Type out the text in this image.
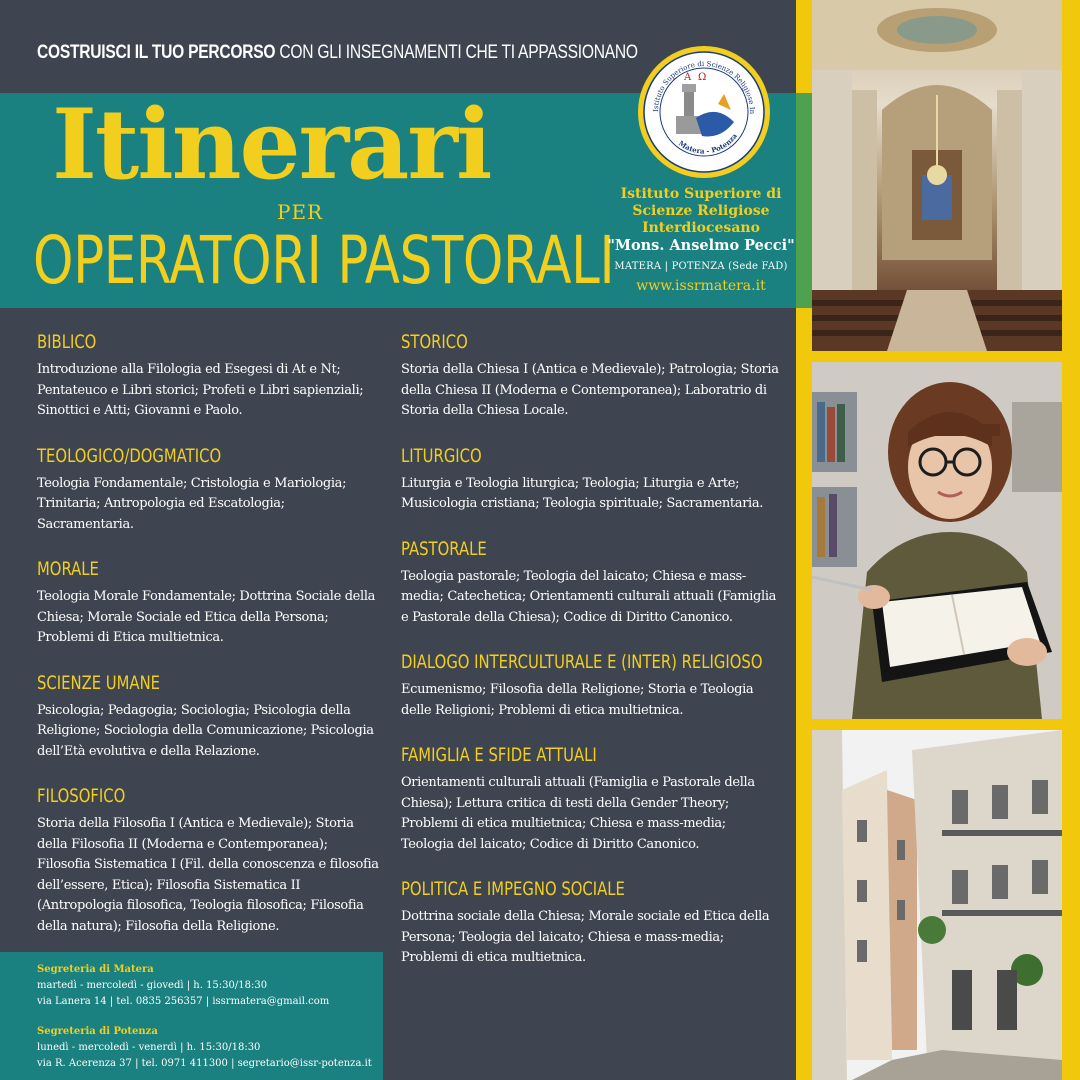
COSTRUISCI IL TUO PERCORSO CON GLI INSEGNAMENTI CHE TI APPASSIONANO
Itinerari
PER
OPERATORI PASTORALI
Istituto Superiore di Scienze Religiose In
Matera - Potenza
A Ω
Istituto Superiore di
Scienze Religiose
Interdiocesano
"Mons. Anselmo Pecci"
MATERA | POTENZA (Sede FAD)
www.issrmatera.it
BIBLICO
Introduzione alla Filologia ed Esegesi di At e Nt; Pentateuco e Libri storici; Profeti e Libri sapienziali; Sinottici e Atti; Giovanni e Paolo.
TEOLOGICO/DOGMATICO
Teologia Fondamentale; Cristologia e Mariologia; Trinitaria; Antropologia ed Escatologia; Sacramentaria.
MORALE
Teologia Morale Fondamentale; Dottrina Sociale della Chiesa; Morale Sociale ed Etica della Persona; Problemi di Etica multietnica.
SCIENZE UMANE
Psicologia; Pedagogia; Sociologia; Psicologia della Religione; Sociologia della Comunicazione; Psicologia dell’Età evolutiva e della Relazione.
FILOSOFICO
Storia della Filosofia I (Antica e Medievale); Storia della Filosofia II (Moderna e Contemporanea); Filosofia Sistematica I (Fil. della conoscenza e filosofia dell’essere, Etica); Filosofia Sistematica II (Antropologia filosofica, Teologia filosofica; Filosofia della natura); Filosofia della Religione.
STORICO
Storia della Chiesa I (Antica e Medievale); Patrologia; Storia della Chiesa II (Moderna e Contemporanea); Laboratrio di Storia della Chiesa Locale.
LITURGICO
Liturgia e Teologia liturgica; Teologia; Liturgia e Arte; Musicologia cristiana; Teologia spirituale; Sacramentaria.
PASTORALE
Teologia pastorale; Teologia del laicato; Chiesa e mass-media; Catechetica; Orientamenti culturali attuali (Famiglia e Pastorale della Chiesa); Codice di Diritto Canonico.
DIALOGO INTERCULTURALE E (INTER) RELIGIOSO
Ecumenismo; Filosofia della Religione; Storia e Teologia delle Religioni; Problemi di etica multietnica.
FAMIGLIA E SFIDE ATTUALI
Orientamenti culturali attuali (Famiglia e Pastorale della Chiesa); Lettura critica di testi della Gender Theory; Problemi di etica multietnica; Chiesa e mass-media; Teologia del laicato; Codice di Diritto Canonico.
POLITICA E IMPEGNO SOCIALE
Dottrina sociale della Chiesa; Morale sociale ed Etica della Persona; Teologia del laicato; Chiesa e mass-media; Problemi di etica multietnica.
Segreteria di Matera
martedì - mercoledì - giovedì | h. 15:30/18:30
via Lanera 14 | tel. 0835 256357 | issrmatera@gmail.com
Segreteria di Potenza
lunedì - mercoledì - venerdì | h. 15:30/18:30
via R. Acerenza 37 | tel. 0971 411300 | segretario@issr-potenza.it
